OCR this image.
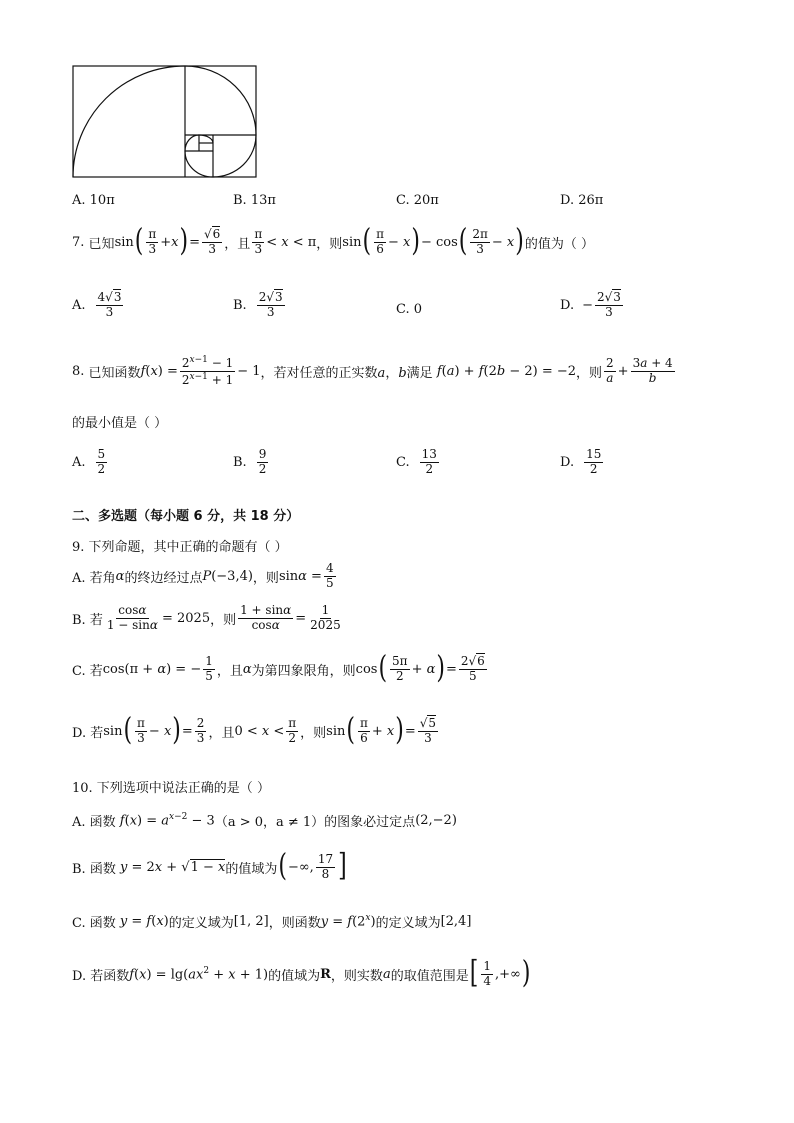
A. 10π	B. 13π	C. 20π	D. 26π
7.
已知 sin ( $\frac{\pi}{3} +x$ ) = $\frac{√6}{3}$ ，且 $\frac{\pi}{3} < x < \pi$ ，则 sin ( $\frac{\pi}{6} - x$ ) − cos ( $\frac{2\pi}{3} - x$ ) 的值为（ ）
A. $\frac{4√3}{3}$	B. $\frac{2√3}{3}$	C. 0	D. − $\frac{2√3}{3}$
8.
已知函数 $f(x) = \frac{2^{x-1} - 1}{2^{x-1} + 1} - 1$ ，若对任意的正实数 a，b 满足 f(a) + f(2b − 2) = −2 ，则 $\frac{2}{a} + \frac{3a + 4}{b}$
的最小值是（ ）
A. $\frac{5}{2}$	B. $\frac{9}{2}$	C. $\frac{13}{2}$	D. $\frac{15}{2}$
二、多选题（每小题 6 分，共 18 分）
9. 下列命题，其中正确的命题有（ ）
A. 若角 α 的终边经过点 P(−3,4) ，则 $\sin\alpha = \frac{4}{5}$
B. 若 $\frac{\cos\alpha}{1 - \sin\alpha} = 2025$ ，则 $\frac{1 + \sin\alpha}{\cos\alpha} = \frac{1}{2025}$
C. 若 cos(π + α) = − $\frac{1}{5}$ ，且 α 为第四象限角，则 cos ( $\frac{5\pi}{2} + \alpha$ ) = $\frac{2√6}{5}$
D. 若 sin ( $\frac{\pi}{3} - x$ ) = $\frac{2}{3}$ ，且 $0 < x < \frac{\pi}{2}$ ，则 sin ( $\frac{\pi}{6} + x$ ) = $\frac{√5}{3}$
10. 下列选项中说法正确的是（ ）
A. 函数 $f(x) = a^{x-2} - 3$ （a > 0，a ≠ 1）的图象必过定点 (2,−2)
B. 函数 y = 2x + √1 − x 的值域为 ( −∞, $\frac{17}{8}$ ]
C. 函数 y = f(x) 的定义域为 [1, 2] ，则函数 $y = f(2^x)$ 的定义域为 [2,4]
D. 若函数 $f(x) = \lg(ax^2 + x + 1)$ 的值域为 R ，则实数 a 的取值范围是 [ $\frac{1}{4}$ ,+∞ )
